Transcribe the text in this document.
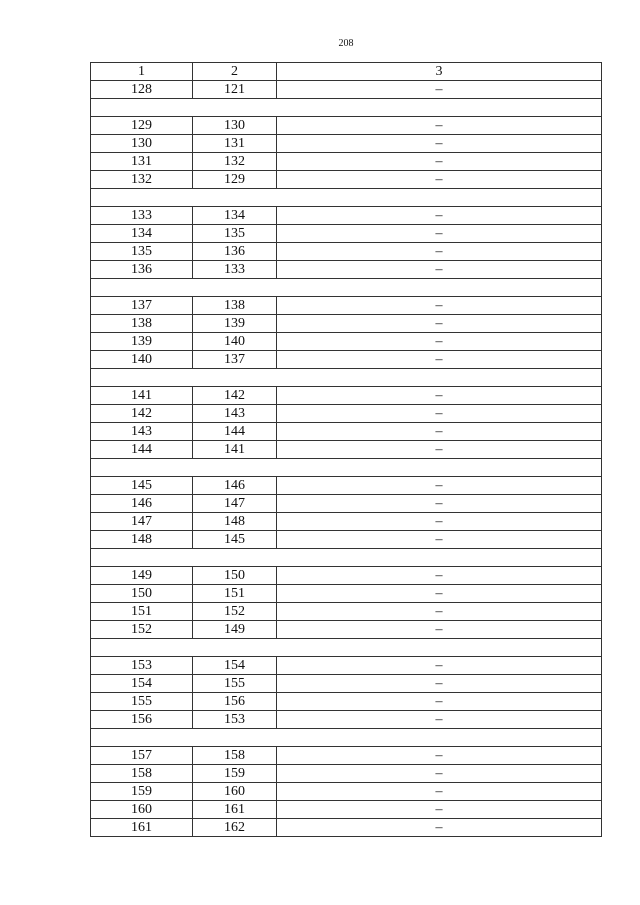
208
1	2	3
128	121	–

129	130	–
130	131	–
131	132	–
132	129	–

133	134	–
134	135	–
135	136	–
136	133	–

137	138	–
138	139	–
139	140	–
140	137	–

141	142	–
142	143	–
143	144	–
144	141	–

145	146	–
146	147	–
147	148	–
148	145	–

149	150	–
150	151	–
151	152	–
152	149	–

153	154	–
154	155	–
155	156	–
156	153	–

157	158	–
158	159	–
159	160	–
160	161	–
161	162	–
